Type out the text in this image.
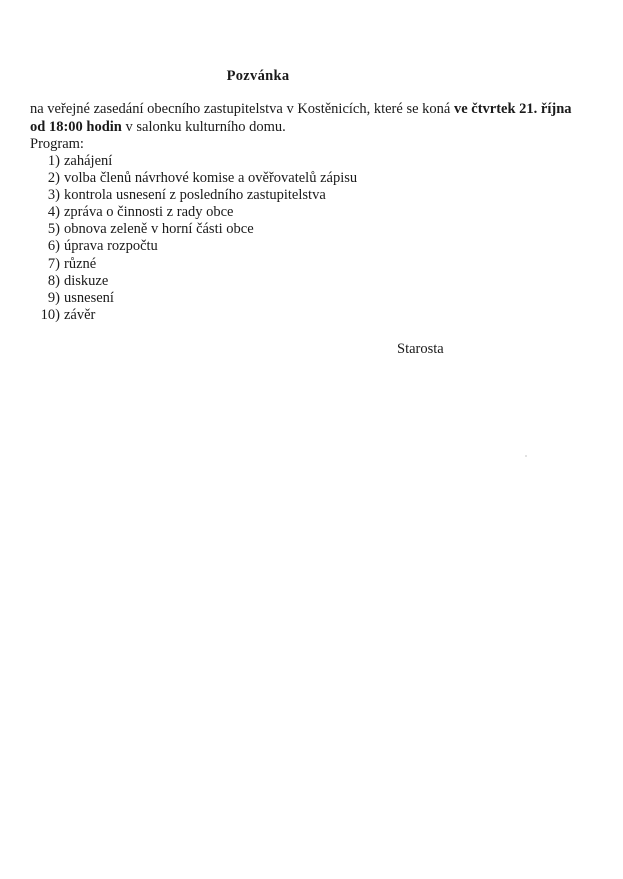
Pozvánka
na veřejné zasedání obecního zastupitelstva v Kostěnicích, které se koná ve čtvrtek 21. října od 18:00 hodin v salonku kulturního domu.
Program:
1) zahájení
2) volba členů návrhové komise a ověřovatelů zápisu
3) kontrola usnesení z posledního zastupitelstva
4) zpráva o činnosti z rady obce
5) obnova zeleně v horní části obce
6) úprava rozpočtu
7) různé
8) diskuze
9) usnesení
10) závěr
Starosta
